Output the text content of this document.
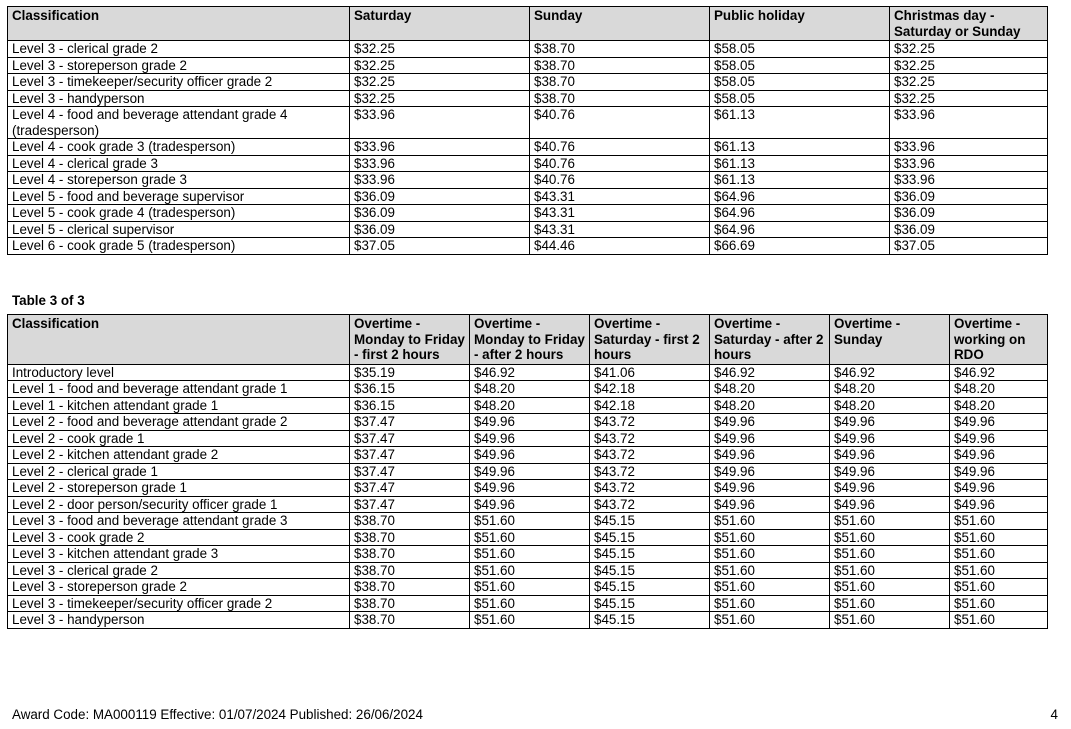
Classification	Saturday	Sunday	Public holiday	Christmas day - Saturday or Sunday
Level 3 - clerical grade 2	$32.25	$38.70	$58.05	$32.25
Level 3 - storeperson grade 2	$32.25	$38.70	$58.05	$32.25
Level 3 - timekeeper/security officer grade 2	$32.25	$38.70	$58.05	$32.25
Level 3 - handyperson	$32.25	$38.70	$58.05	$32.25
Level 4 - food and beverage attendant grade 4 (tradesperson)	$33.96	$40.76	$61.13	$33.96
Level 4 - cook grade 3 (tradesperson)	$33.96	$40.76	$61.13	$33.96
Level 4 - clerical grade 3	$33.96	$40.76	$61.13	$33.96
Level 4 - storeperson grade 3	$33.96	$40.76	$61.13	$33.96
Level 5 - food and beverage supervisor	$36.09	$43.31	$64.96	$36.09
Level 5 - cook grade 4 (tradesperson)	$36.09	$43.31	$64.96	$36.09
Level 5 - clerical supervisor	$36.09	$43.31	$64.96	$36.09
Level 6 - cook grade 5 (tradesperson)	$37.05	$44.46	$66.69	$37.05
Table 3 of 3
Classification	Overtime - Monday to Friday - first 2 hours	Overtime - Monday to Friday - after 2 hours	Overtime - Saturday - first 2 hours	Overtime - Saturday - after 2 hours	Overtime - Sunday	Overtime - working on RDO
Introductory level	$35.19	$46.92	$41.06	$46.92	$46.92	$46.92
Level 1 - food and beverage attendant grade 1	$36.15	$48.20	$42.18	$48.20	$48.20	$48.20
Level 1 - kitchen attendant grade 1	$36.15	$48.20	$42.18	$48.20	$48.20	$48.20
Level 2 - food and beverage attendant grade 2	$37.47	$49.96	$43.72	$49.96	$49.96	$49.96
Level 2 - cook grade 1	$37.47	$49.96	$43.72	$49.96	$49.96	$49.96
Level 2 - kitchen attendant grade 2	$37.47	$49.96	$43.72	$49.96	$49.96	$49.96
Level 2 - clerical grade 1	$37.47	$49.96	$43.72	$49.96	$49.96	$49.96
Level 2 - storeperson grade 1	$37.47	$49.96	$43.72	$49.96	$49.96	$49.96
Level 2 - door person/security officer grade 1	$37.47	$49.96	$43.72	$49.96	$49.96	$49.96
Level 3 - food and beverage attendant grade 3	$38.70	$51.60	$45.15	$51.60	$51.60	$51.60
Level 3 - cook grade 2	$38.70	$51.60	$45.15	$51.60	$51.60	$51.60
Level 3 - kitchen attendant grade 3	$38.70	$51.60	$45.15	$51.60	$51.60	$51.60
Level 3 - clerical grade 2	$38.70	$51.60	$45.15	$51.60	$51.60	$51.60
Level 3 - storeperson grade 2	$38.70	$51.60	$45.15	$51.60	$51.60	$51.60
Level 3 - timekeeper/security officer grade 2	$38.70	$51.60	$45.15	$51.60	$51.60	$51.60
Level 3 - handyperson	$38.70	$51.60	$45.15	$51.60	$51.60	$51.60
Award Code: MA000119 Effective: 01/07/2024 Published: 26/06/2024	4
